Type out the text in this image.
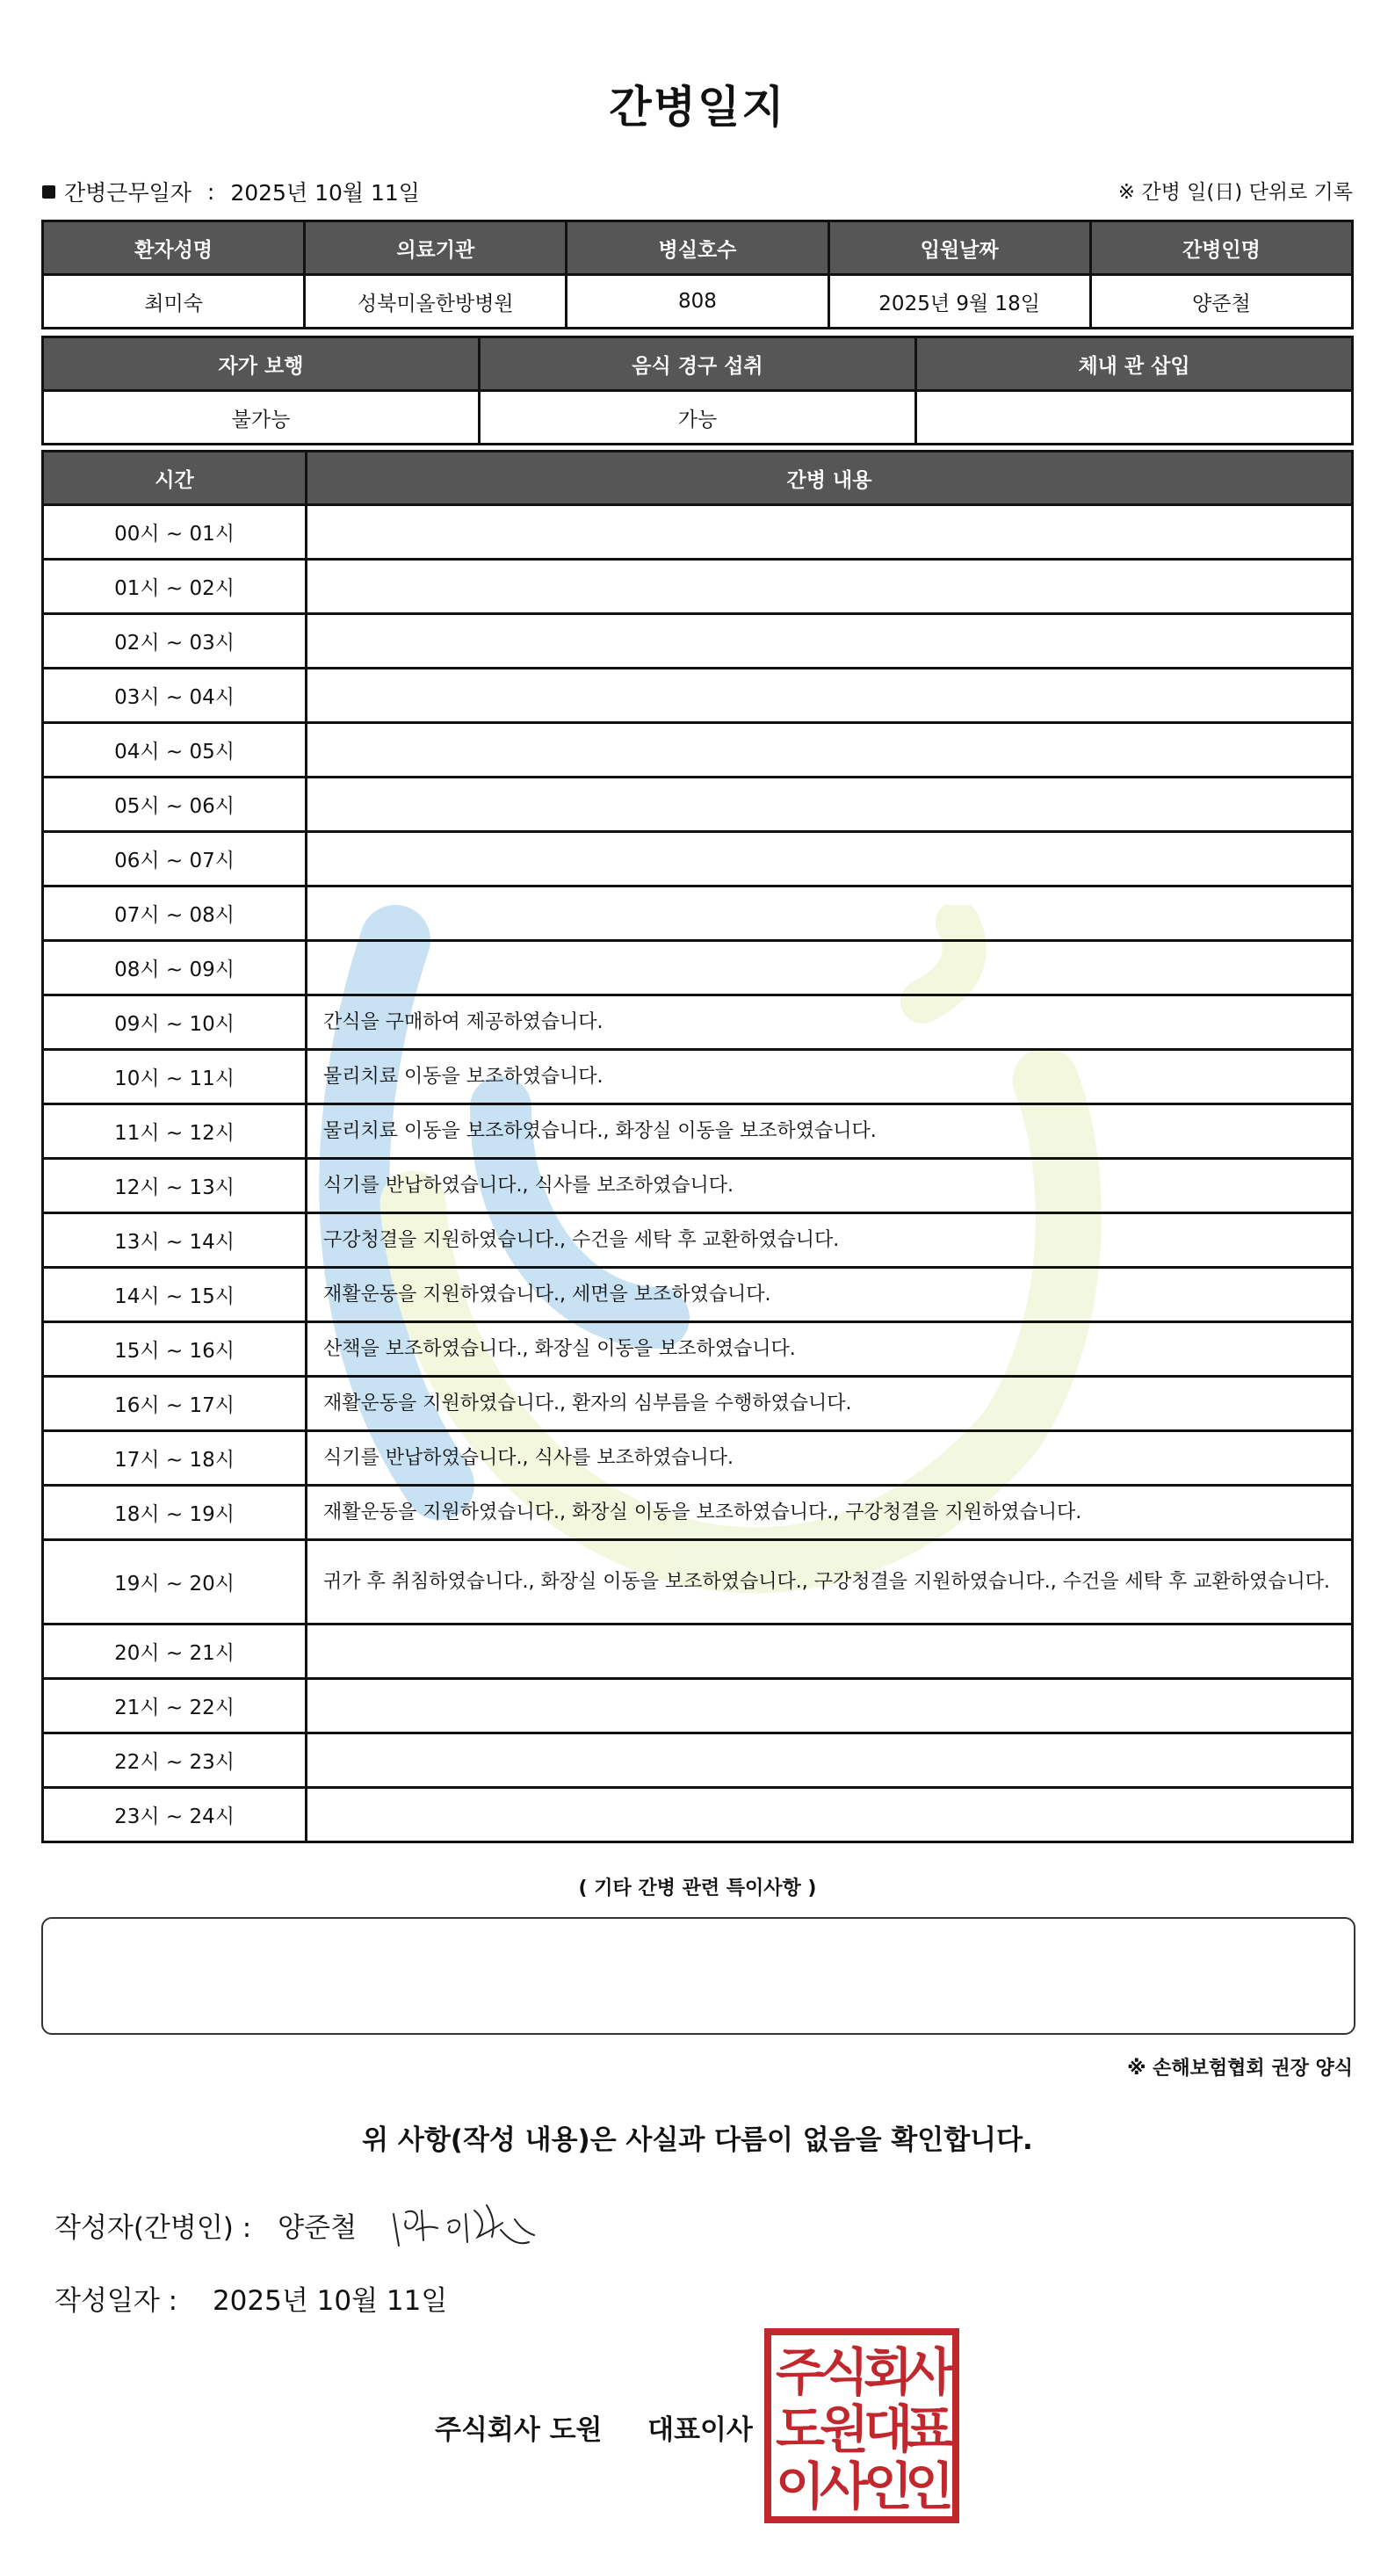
간병일지
간병근무일자 : 2025년 10월 11일	※ 간병 일(日) 단위로 기록
환자성명	의료기관	병실호수	입원날짜	간병인명
최미숙	성북미올한방병원	808	2025년 9월 18일	양준철
자가 보행	음식 경구 섭취	체내 관 삽입
불가능	가능	
시간	간병 내용
00시 ~ 01시	
01시 ~ 02시	
02시 ~ 03시	
03시 ~ 04시	
04시 ~ 05시	
05시 ~ 06시	
06시 ~ 07시	
07시 ~ 08시	
08시 ~ 09시	
09시 ~ 10시	간식을 구매하여 제공하였습니다.
10시 ~ 11시	물리치료 이동을 보조하였습니다.
11시 ~ 12시	물리치료 이동을 보조하였습니다., 화장실 이동을 보조하였습니다.
12시 ~ 13시	식기를 반납하였습니다., 식사를 보조하였습니다.
13시 ~ 14시	구강청결을 지원하였습니다., 수건을 세탁 후 교환하였습니다.
14시 ~ 15시	재활운동을 지원하였습니다., 세면을 보조하였습니다.
15시 ~ 16시	산책을 보조하였습니다., 화장실 이동을 보조하였습니다.
16시 ~ 17시	재활운동을 지원하였습니다., 환자의 심부름을 수행하였습니다.
17시 ~ 18시	식기를 반납하였습니다., 식사를 보조하였습니다.
18시 ~ 19시	재활운동을 지원하였습니다., 화장실 이동을 보조하였습니다., 구강청결을 지원하였습니다.
19시 ~ 20시	귀가 후 취침하였습니다., 화장실 이동을 보조하였습니다., 구강청결을 지원하였습니다., 수건을 세탁 후 교환하였습니다.
20시 ~ 21시	
21시 ~ 22시	
22시 ~ 23시	
23시 ~ 24시	
( 기타 간병 관련 특이사항 )
※ 손해보험협회 권장 양식
위 사항(작성 내용)은 사실과 다름이 없음을 확인합니다.
작성자(간병인) : 양준철
작성일자 : 2025년 10월 11일
주식회사 도원 대표이사
주
식
회
사
도
원
대
표
이
사
인
인
